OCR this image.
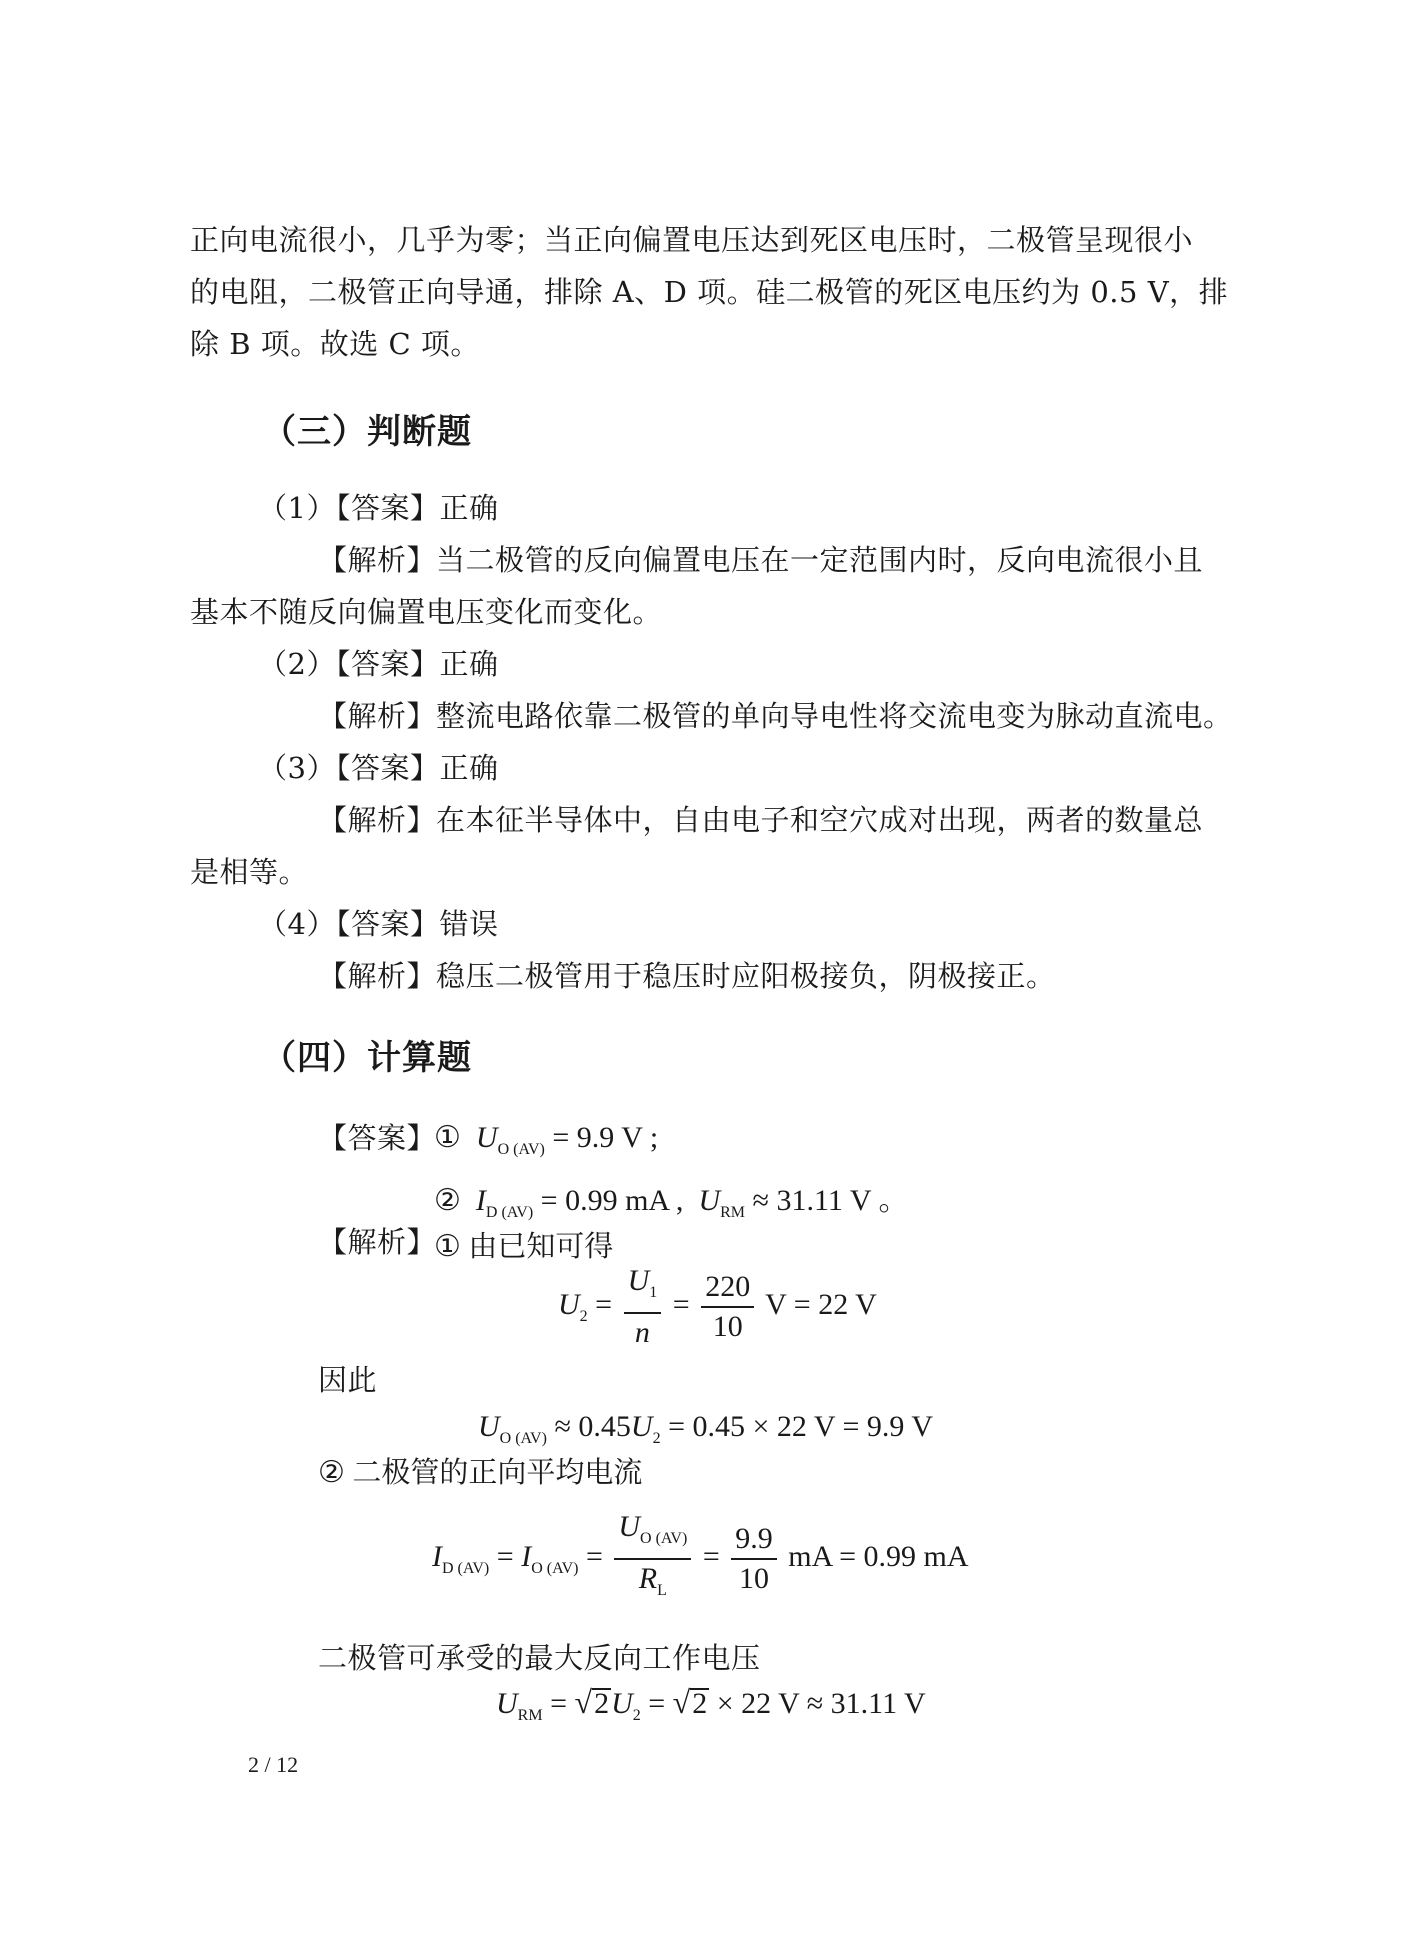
正向电流很小，几乎为零；当正向偏置电压达到死区电压时，二极管呈现很小
的电阻，二极管正向导通，排除 A、D 项。硅二极管的死区电压约为 0.5 V，排
除 B 项。故选 C 项。
（三）判断题
（1）【答案】正确
【解析】当二极管的反向偏置电压在一定范围内时，反向电流很小且
基本不随反向偏置电压变化而变化。
（2）【答案】正确
【解析】整流电路依靠二极管的单向导电性将交流电变为脉动直流电。
（3）【答案】正确
【解析】在本征半导体中，自由电子和空穴成对出现，两者的数量总
是相等。
（4）【答案】错误
【解析】稳压二极管用于稳压时应阳极接负，阴极接正。
（四）计算题
【答案】
①  $U_{O (AV)} = 9.9$ V ;
②  $I_{D (AV)} = 0.99$ mA ,  $U_{RM} \approx 31.11$ V 。
【解析】
① 由已知可得
$U_2 = \frac{U_1}{n} = \frac{220}{10}$ V = 22 V
因此
$U_{O (AV)} \approx 0.45U_2 = 0.45 \times 22$ V = 9.9 V
② 二极管的正向平均电流
$I_{D (AV)} = I_{O (AV)} = \frac{U_{O (AV)}}{R_L} = \frac{9.9}{10}$ mA = 0.99 mA
二极管可承受的最大反向工作电压
$U_{RM} = √2U_2 = √2 \times 22$ V ≈ 31.11 V
2 / 12
